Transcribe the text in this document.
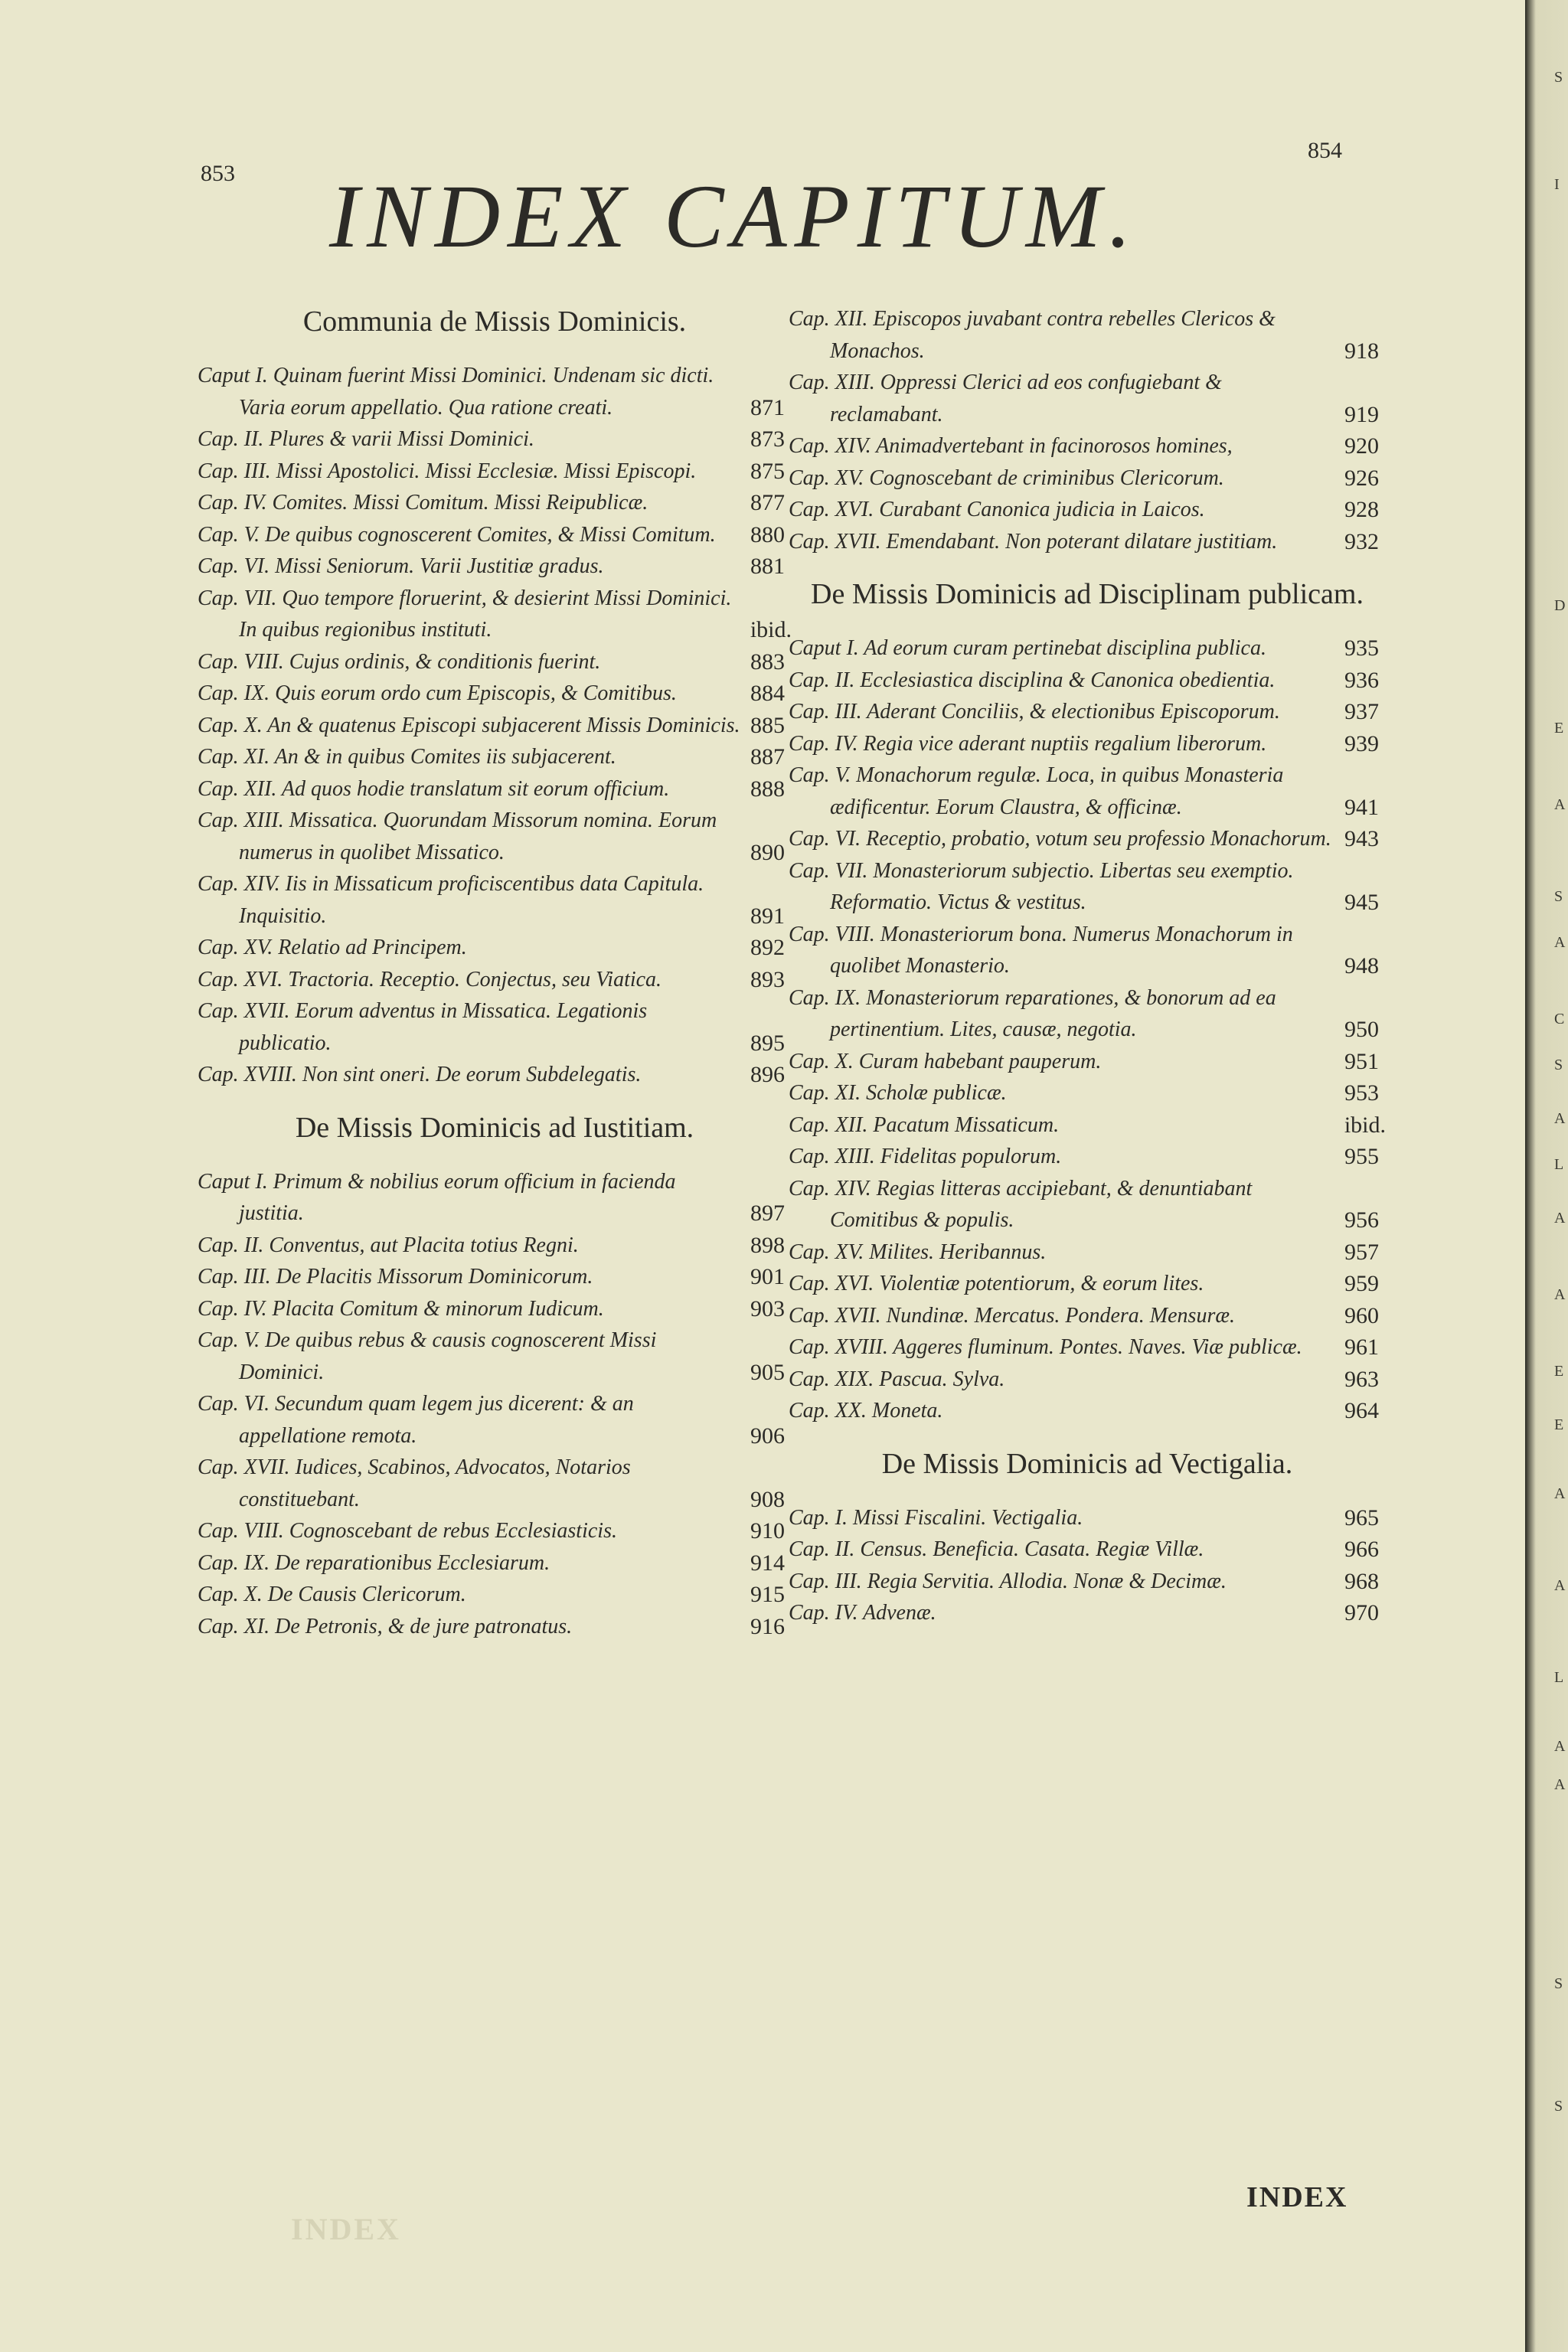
S
I
D
E
A
S
A
C
S
A
L
A
A
E
E
A
A
L
A
A
S
S
853
854
INDEX CAPITUM.
Communia de Missis Dominicis.
Caput I. Quinam fuerint Missi Dominici. Undenam sic dicti. Varia eorum appellatio. Qua ratione creati.	871
Cap. II. Plures & varii Missi Dominici.	873
Cap. III. Missi Apostolici. Missi Ecclesiæ. Missi Episcopi. 875
Cap. IV. Comites. Missi Comitum. Missi Reipublicæ.	877
Cap. V. De quibus cognoscerent Comites, & Missi Comitum. 880
Cap. VI. Missi Seniorum. Varii Justitiæ gradus.	881
Cap. VII. Quo tempore floruerint, & desierint Missi Dominici. In quibus regionibus instituti.	ibid.
Cap. VIII. Cujus ordinis, & conditionis fuerint.	883
Cap. IX. Quis eorum ordo cum Episcopis, & Comitibus.	884
Cap. X. An & quatenus Episcopi subjacerent Missis Dominicis. 885
Cap. XI. An & in quibus Comites iis subjacerent.	887
Cap. XII. Ad quos hodie translatum sit eorum officium.	888
Cap. XIII. Missatica. Quorundam Missorum nomina. Eorum numerus in quolibet Missatico.	890
Cap. XIV. Iis in Missaticum proficiscentibus data Capitula. Inquisitio.	891
Cap. XV. Relatio ad Principem.	892
Cap. XVI. Tractoria. Receptio. Conjectus, seu Viatica.	893
Cap. XVII. Eorum adventus in Missatica. Legationis publicatio.	895
Cap. XVIII. Non sint oneri. De eorum Subdelegatis.	896
De Missis Dominicis ad Iustitiam.
Caput I. Primum & nobilius eorum officium in facienda justitia.	897
Cap. II. Conventus, aut Placita totius Regni.	898
Cap. III. De Placitis Missorum Dominicorum.	901
Cap. IV. Placita Comitum & minorum Iudicum.	903
Cap. V. De quibus rebus & causis cognoscerent Missi Dominici.	905
Cap. VI. Secundum quam legem jus dicerent: & an appellatione remota.	906
Cap. XVII. Iudices, Scabinos, Advocatos, Notarios constituebant.	908
Cap. VIII. Cognoscebant de rebus Ecclesiasticis.	910
Cap. IX. De reparationibus Ecclesiarum.	914
Cap. X. De Causis Clericorum.	915
Cap. XI. De Petronis, & de jure patronatus.	916
Cap. XII. Episcopos juvabant contra rebelles Clericos & Monachos.	918
Cap. XIII. Oppressi Clerici ad eos confugiebant & reclamabant.	919
Cap. XIV. Animadvertebant in facinorosos homines,	920
Cap. XV. Cognoscebant de criminibus Clericorum.	926
Cap. XVI. Curabant Canonica judicia in Laicos.	928
Cap. XVII. Emendabant. Non poterant dilatare justitiam.	932
De Missis Dominicis ad Disciplinam publicam.
Caput I. Ad eorum curam pertinebat disciplina publica.	935
Cap. II. Ecclesiastica disciplina & Canonica obedientia.	936
Cap. III. Aderant Conciliis, & electionibus Episcoporum.	937
Cap. IV. Regia vice aderant nuptiis regalium liberorum.	939
Cap. V. Monachorum regulæ. Loca, in quibus Monasteria ædificentur. Eorum Claustra, & officinæ.	941
Cap. VI. Receptio, probatio, votum seu professio Monachorum. 943
Cap. VII. Monasteriorum subjectio. Libertas seu exemptio. Reformatio. Victus & vestitus.	945
Cap. VIII. Monasteriorum bona. Numerus Monachorum in quolibet Monasterio.	948
Cap. IX. Monasteriorum reparationes, & bonorum ad ea pertinentium. Lites, causæ, negotia.	950
Cap. X. Curam habebant pauperum.	951
Cap. XI. Scholæ publicæ.	953
Cap. XII. Pacatum Missaticum.	ibid.
Cap. XIII. Fidelitas populorum.	955
Cap. XIV. Regias litteras accipiebant, & denuntiabant Comitibus & populis.	956
Cap. XV. Milites. Heribannus.	957
Cap. XVI. Violentiæ potentiorum, & eorum lites.	959
Cap. XVII. Nundinæ. Mercatus. Pondera. Mensuræ.	960
Cap. XVIII. Aggeres fluminum. Pontes. Naves. Viæ publicæ. 961
Cap. XIX. Pascua. Sylva.	963
Cap. XX. Moneta.	964
De Missis Dominicis ad Vectigalia.
Cap. I. Missi Fiscalini. Vectigalia.	965
Cap. II. Census. Beneficia. Casata. Regiæ Villæ.	966
Cap. III. Regia Servitia. Allodia. Nonæ & Decimæ.	968
Cap. IV. Advenæ.	970
INDEX
INDEX
